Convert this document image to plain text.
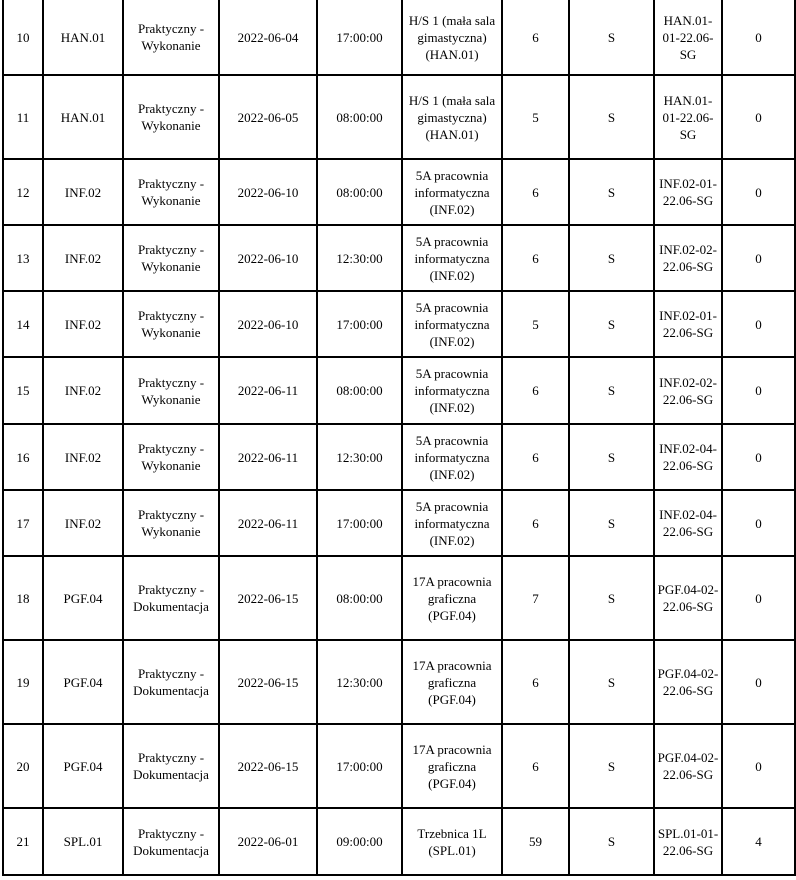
10	HAN.01	Praktyczny - Wykonanie	2022-06-04	17:00:00	H/S 1 (mała sala gimastyczna) (HAN.01)	6	S	HAN.01-01-22.06-SG	0
11	HAN.01	Praktyczny - Wykonanie	2022-06-05	08:00:00	H/S 1 (mała sala gimastyczna) (HAN.01)	5	S	HAN.01-01-22.06-SG	0
12	INF.02	Praktyczny - Wykonanie	2022-06-10	08:00:00	5A pracownia informatyczna (INF.02)	6	S	INF.02-01-22.06-SG	0
13	INF.02	Praktyczny - Wykonanie	2022-06-10	12:30:00	5A pracownia informatyczna (INF.02)	6	S	INF.02-02-22.06-SG	0
14	INF.02	Praktyczny - Wykonanie	2022-06-10	17:00:00	5A pracownia informatyczna (INF.02)	5	S	INF.02-01-22.06-SG	0
15	INF.02	Praktyczny - Wykonanie	2022-06-11	08:00:00	5A pracownia informatyczna (INF.02)	6	S	INF.02-02-22.06-SG	0
16	INF.02	Praktyczny - Wykonanie	2022-06-11	12:30:00	5A pracownia informatyczna (INF.02)	6	S	INF.02-04-22.06-SG	0
17	INF.02	Praktyczny - Wykonanie	2022-06-11	17:00:00	5A pracownia informatyczna (INF.02)	6	S	INF.02-04-22.06-SG	0
18	PGF.04	Praktyczny - Dokumentacja	2022-06-15	08:00:00	17A pracownia graficzna (PGF.04)	7	S	PGF.04-02-22.06-SG	0
19	PGF.04	Praktyczny - Dokumentacja	2022-06-15	12:30:00	17A pracownia graficzna (PGF.04)	6	S	PGF.04-02-22.06-SG	0
20	PGF.04	Praktyczny - Dokumentacja	2022-06-15	17:00:00	17A pracownia graficzna (PGF.04)	6	S	PGF.04-02-22.06-SG	0
21	SPL.01	Praktyczny - Dokumentacja	2022-06-01	09:00:00	Trzebnica 1L (SPL.01)	59	S	SPL.01-01-22.06-SG	4
